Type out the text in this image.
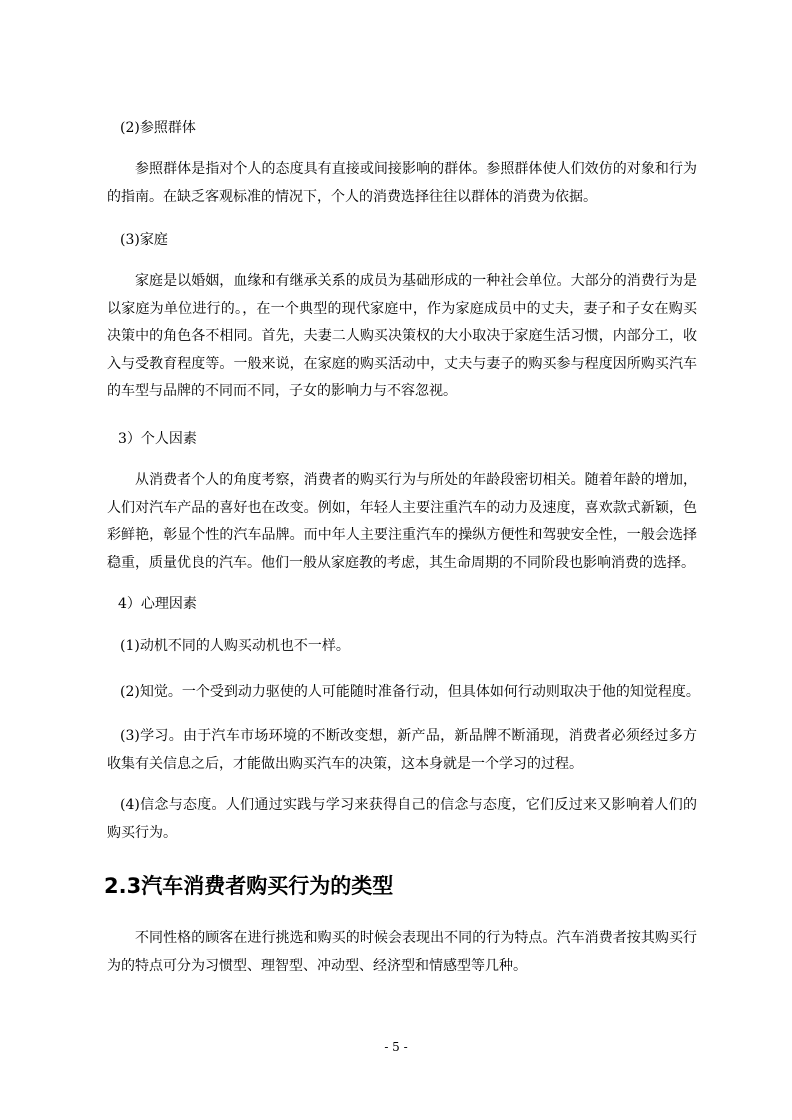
(2)参照群体

参照群体是指对个人的态度具有直接或间接影响的群体。参照群体使人们效仿的对象和行为的指南。在缺乏客观标准的情况下，个人的消费选择往往以群体的消费为依据。

(3)家庭

家庭是以婚姻，血缘和有继承关系的成员为基础形成的一种社会单位。大部分的消费行为是以家庭为单位进行的。，在一个典型的现代家庭中，作为家庭成员中的丈夫，妻子和子女在购买决策中的角色各不相同。首先，夫妻二人购买决策权的大小取决于家庭生活习惯，内部分工，收入与受教育程度等。一般来说，在家庭的购买活动中，丈夫与妻子的购买参与程度因所购买汽车的车型与品牌的不同而不同，子女的影响力与不容忽视。

3）个人因素

从消费者个人的角度考察，消费者的购买行为与所处的年龄段密切相关。随着年龄的增加，人们对汽车产品的喜好也在改变。例如，年轻人主要注重汽车的动力及速度，喜欢款式新颖，色彩鲜艳，彰显个性的汽车品牌。而中年人主要注重汽车的操纵方便性和驾驶安全性，一般会选择稳重，质量优良的汽车。他们一般从家庭教的考虑，其生命周期的不同阶段也影响消费的选择。

4）心理因素

(1)动机不同的人购买动机也不一样。

(2)知觉。一个受到动力驱使的人可能随时准备行动，但具体如何行动则取决于他的知觉程度。

(3)学习。由于汽车市场环境的不断改变想，新产品，新品牌不断涌现，消费者必须经过多方收集有关信息之后，才能做出购买汽车的决策，这本身就是一个学习的过程。

(4)信念与态度。人们通过实践与学习来获得自己的信念与态度，它们反过来又影响着人们的购买行为。

2.3汽车消费者购买行为的类型

不同性格的顾客在进行挑选和购买的时候会表现出不同的行为特点。汽车消费者按其购买行为的特点可分为习惯型、理智型、冲动型、经济型和情感型等几种。

- 5 -
